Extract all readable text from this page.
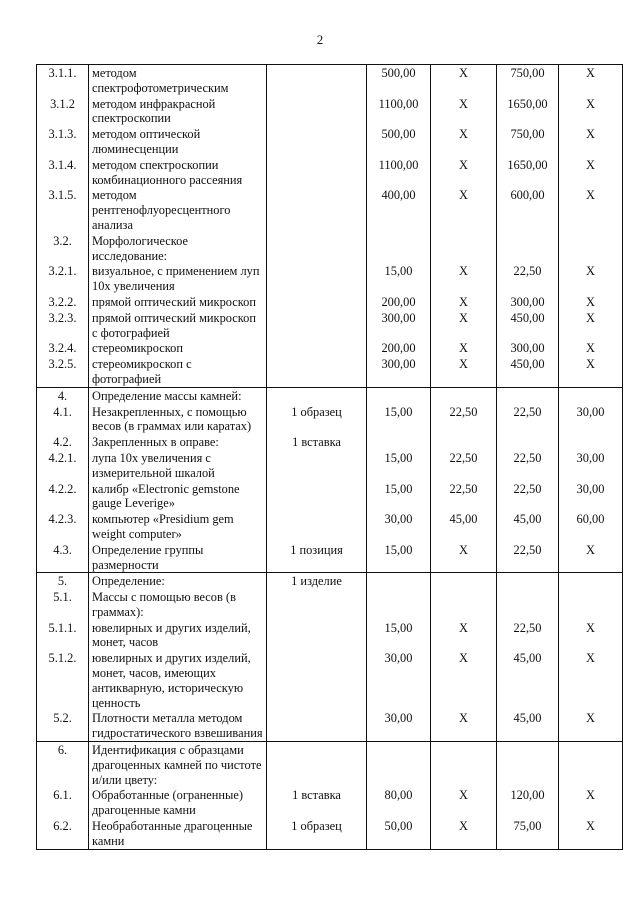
2
3.1.1.	методом спектрофотометрическим		500,00	Х	750,00	Х
3.1.2	методом инфракрасной спектроскопии		1100,00	Х	1650,00	Х
3.1.3.	методом оптической люминесценции		500,00	Х	750,00	Х
3.1.4.	методом спектроскопии комбинационного рассеяния		1100,00	Х	1650,00	Х
3.1.5.	методом рентгенофлуоресцентного анализа		400,00	Х	600,00	Х
3.2.	Морфологическое исследование:					
3.2.1.	визуальное, с применением луп 10х увеличения		15,00	Х	22,50	Х
3.2.2.	прямой оптический микроскоп		200,00	Х	300,00	Х
3.2.3.	прямой оптический микроскоп с фотографией		300,00	Х	450,00	Х
3.2.4.	стереомикроскоп		200,00	Х	300,00	Х
3.2.5.	стереомикроскоп с фотографией		300,00	Х	450,00	Х
4.	Определение массы камней:					
4.1.	Незакрепленных, с помощью весов (в граммах или каратах)	1 образец	15,00	22,50	22,50	30,00
4.2.	Закрепленных в оправе:	1 вставка				
4.2.1.	лупа 10х увеличения с измерительной шкалой		15,00	22,50	22,50	30,00
4.2.2.	калибр «Electronic gemstone gauge Leverige»		15,00	22,50	22,50	30,00
4.2.3.	компьютер «Presidium gem weight computer»		30,00	45,00	45,00	60,00
4.3.	Определение группы размерности	1 позиция	15,00	Х	22,50	Х
5.	Определение:	1 изделие				
5.1.	Массы с помощью весов (в граммах):					
5.1.1.	ювелирных и других изделий, монет, часов		15,00	Х	22,50	Х
5.1.2.	ювелирных и других изделий, монет, часов, имеющих антикварную, историческую ценность		30,00	Х	45,00	Х
5.2.	Плотности металла методом гидростатического взвешивания		30,00	Х	45,00	Х
6.	Идентификация с образцами драгоценных камней по чистоте и/или цвету:					
6.1.	Обработанные (ограненные) драгоценные камни	1 вставка	80,00	Х	120,00	Х
6.2.	Необработанные драгоценные камни	1 образец	50,00	Х	75,00	Х
